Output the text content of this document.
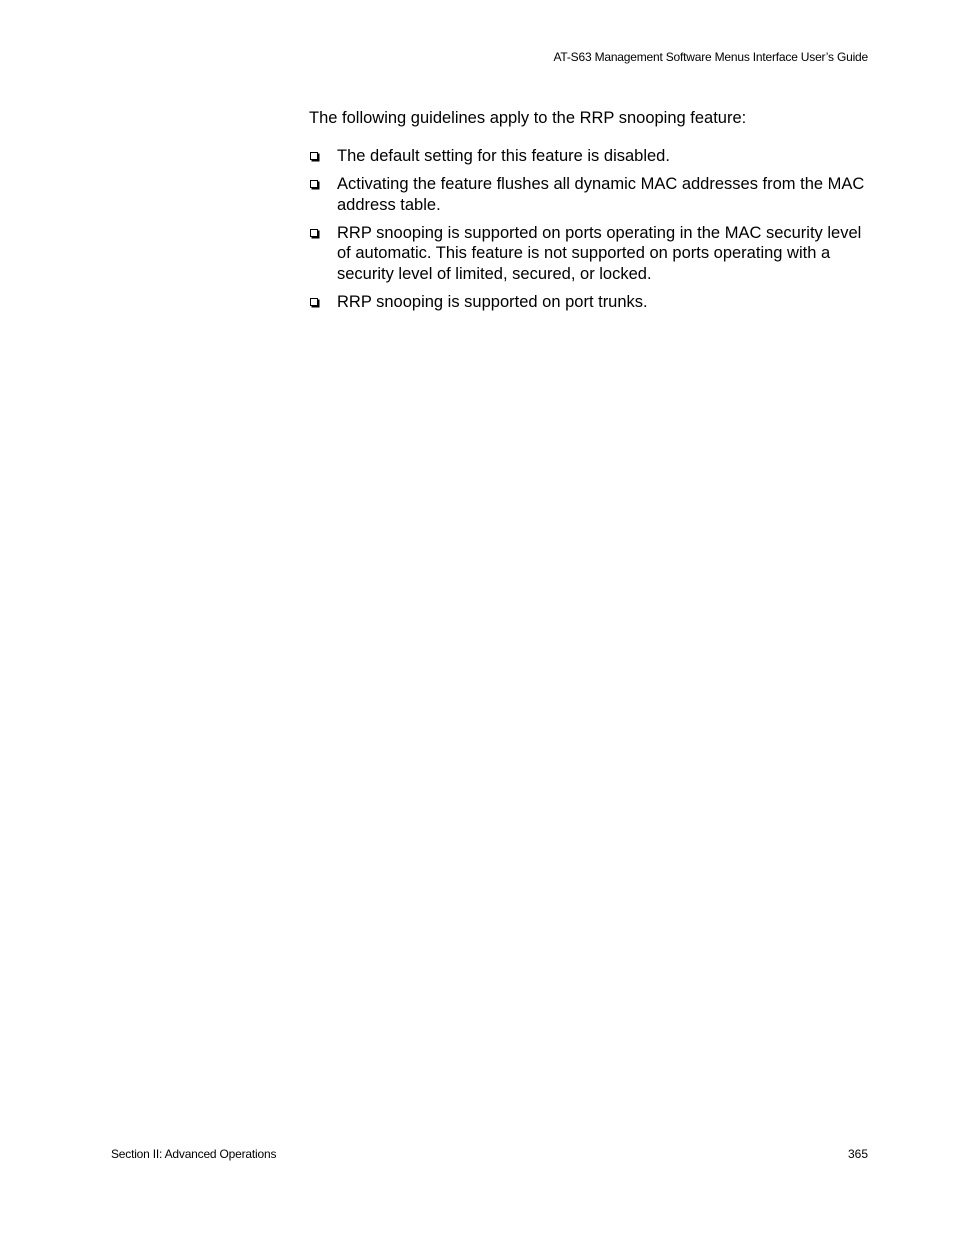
AT-S63 Management Software Menus Interface User’s Guide

The following guidelines apply to the RRP snooping feature:

The default setting for this feature is disabled.
Activating the feature flushes all dynamic MAC addresses from the MAC address table.
RRP snooping is supported on ports operating in the MAC security level of automatic. This feature is not supported on ports operating with a security level of limited, secured, or locked.
RRP snooping is supported on port trunks.
Section II: Advanced Operations	365
